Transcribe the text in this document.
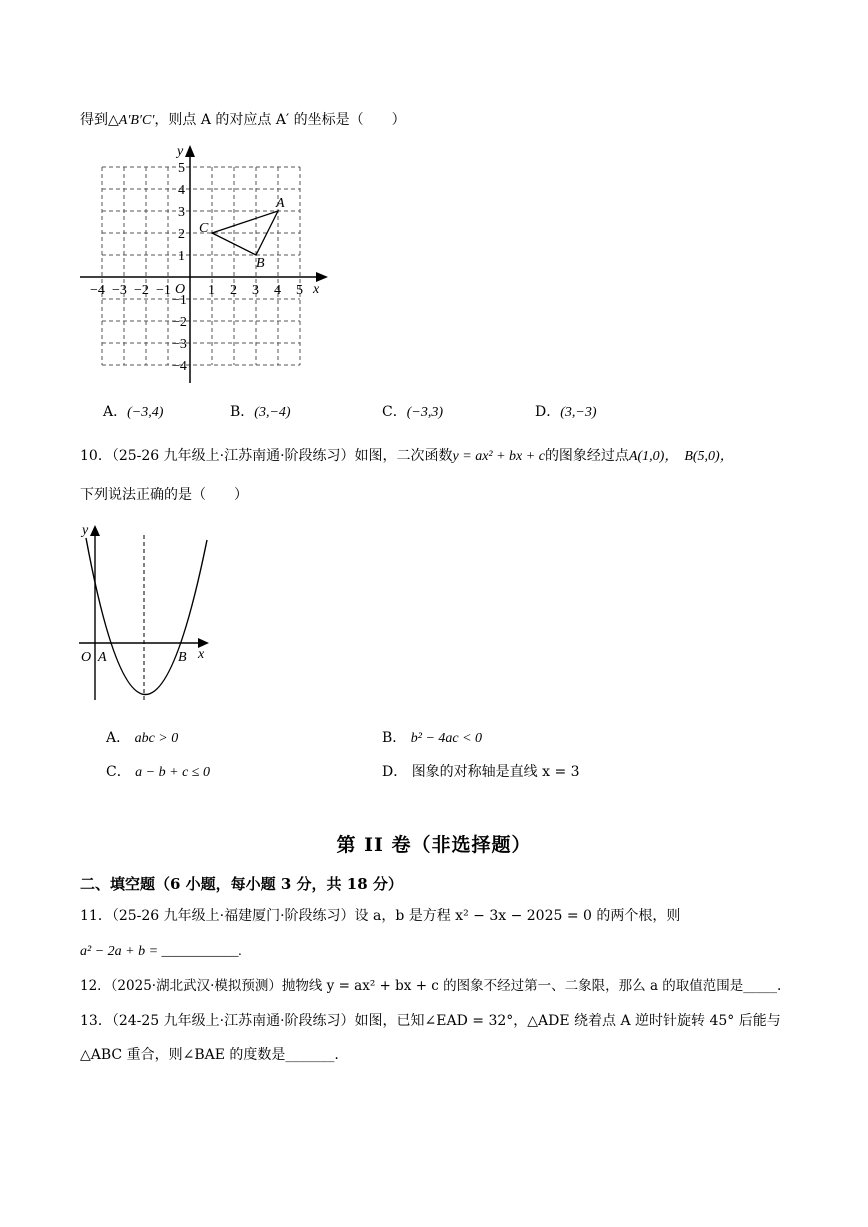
得到△A′B′C′，则点 A 的对应点 A′ 的坐标是（　　）
y
x
O
A
B
C
−4 −3 −2 −1	1 2 3 4 5
5
4
3
2
1
−1
−2
−3
−4
A．(−3,4)	B．(3,−4)	C．(−3,3)	D．(3,−3)
10．（25-26 九年级上·江苏南通·阶段练习）如图，二次函数y = ax² + bx + c的图象经过点A(1,0)， B(5,0)，
下列说法正确的是（　　）
y
x
O A	B
A． abc > 0	B． b² − 4ac < 0
C． a − b + c ≤ 0	D． 图象的对称轴是直线 x = 3
第 II 卷（非选择题）
二、填空题（6 小题，每小题 3 分，共 18 分）
11．（25-26 九年级上·福建厦门·阶段练习）设 a，b 是方程 x² − 3x − 2025 = 0 的两个根，则
a² − 2a + b = ___________.
12．（2025·湖北武汉·模拟预测）抛物线 y = ax² + bx + c 的图象不经过第一、二象限，那么 a 的取值范围是_____.
13．（24-25 九年级上·江苏南通·阶段练习）如图，已知∠EAD = 32°，△ADE 绕着点 A 逆时针旋转 45° 后能与
△ABC 重合，则∠BAE 的度数是_______.
